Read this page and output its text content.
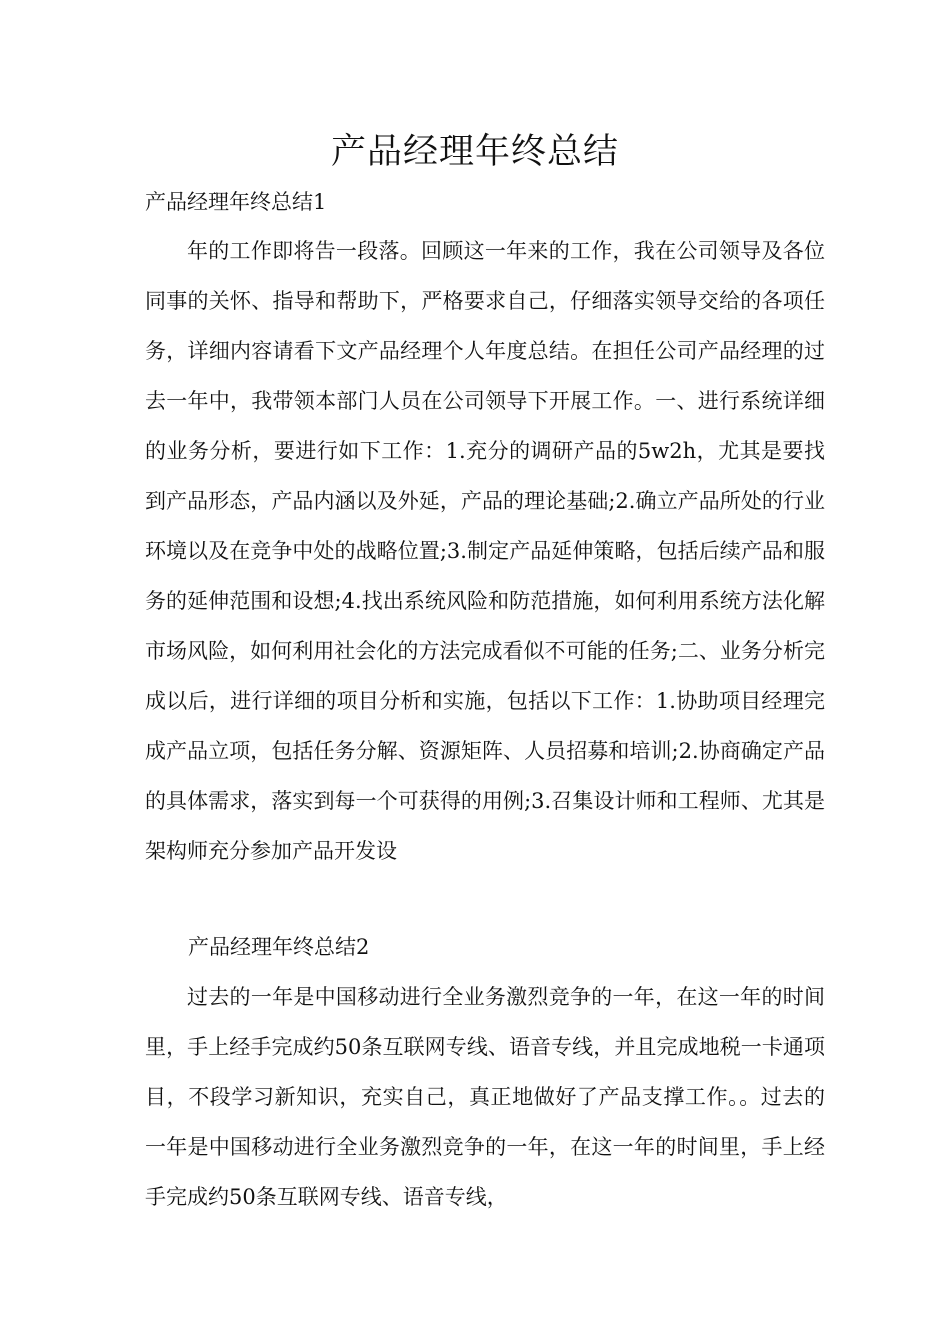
产品经理年终总结

产品经理年终总结1

年的工作即将告一段落。回顾这一年来的工作，我在公司领导及各位同事的关怀、指导和帮助下，严格要求自己，仔细落实领导交给的各项任务，详细内容请看下文产品经理个人年度总结。在担任公司产品经理的过去一年中，我带领本部门人员在公司领导下开展工作。一、进行系统详细的业务分析，要进行如下工作：1.充分的调研产品的5w2h，尤其是要找到产品形态，产品内涵以及外延，产品的理论基础;2.确立产品所处的行业环境以及在竞争中处的战略位置;3.制定产品延伸策略，包括后续产品和服务的延伸范围和设想;4.找出系统风险和防范措施，如何利用系统方法化解市场风险，如何利用社会化的方法完成看似不可能的任务;二、业务分析完成以后，进行详细的项目分析和实施，包括以下工作：1.协助项目经理完成产品立项，包括任务分解、资源矩阵、人员招募和培训;2.协商确定产品的具体需求，落实到每一个可获得的用例;3.召集设计师和工程师、尤其是架构师充分参加产品开发设

产品经理年终总结2

过去的一年是中国移动进行全业务激烈竞争的一年，在这一年的时间里，手上经手完成约50条互联网专线、语音专线，并且完成地税一卡通项目，不段学习新知识，充实自己，真正地做好了产品支撑工作。。过去的一年是中国移动进行全业务激烈竞争的一年，在这一年的时间里，手上经手完成约50条互联网专线、语音专线，
